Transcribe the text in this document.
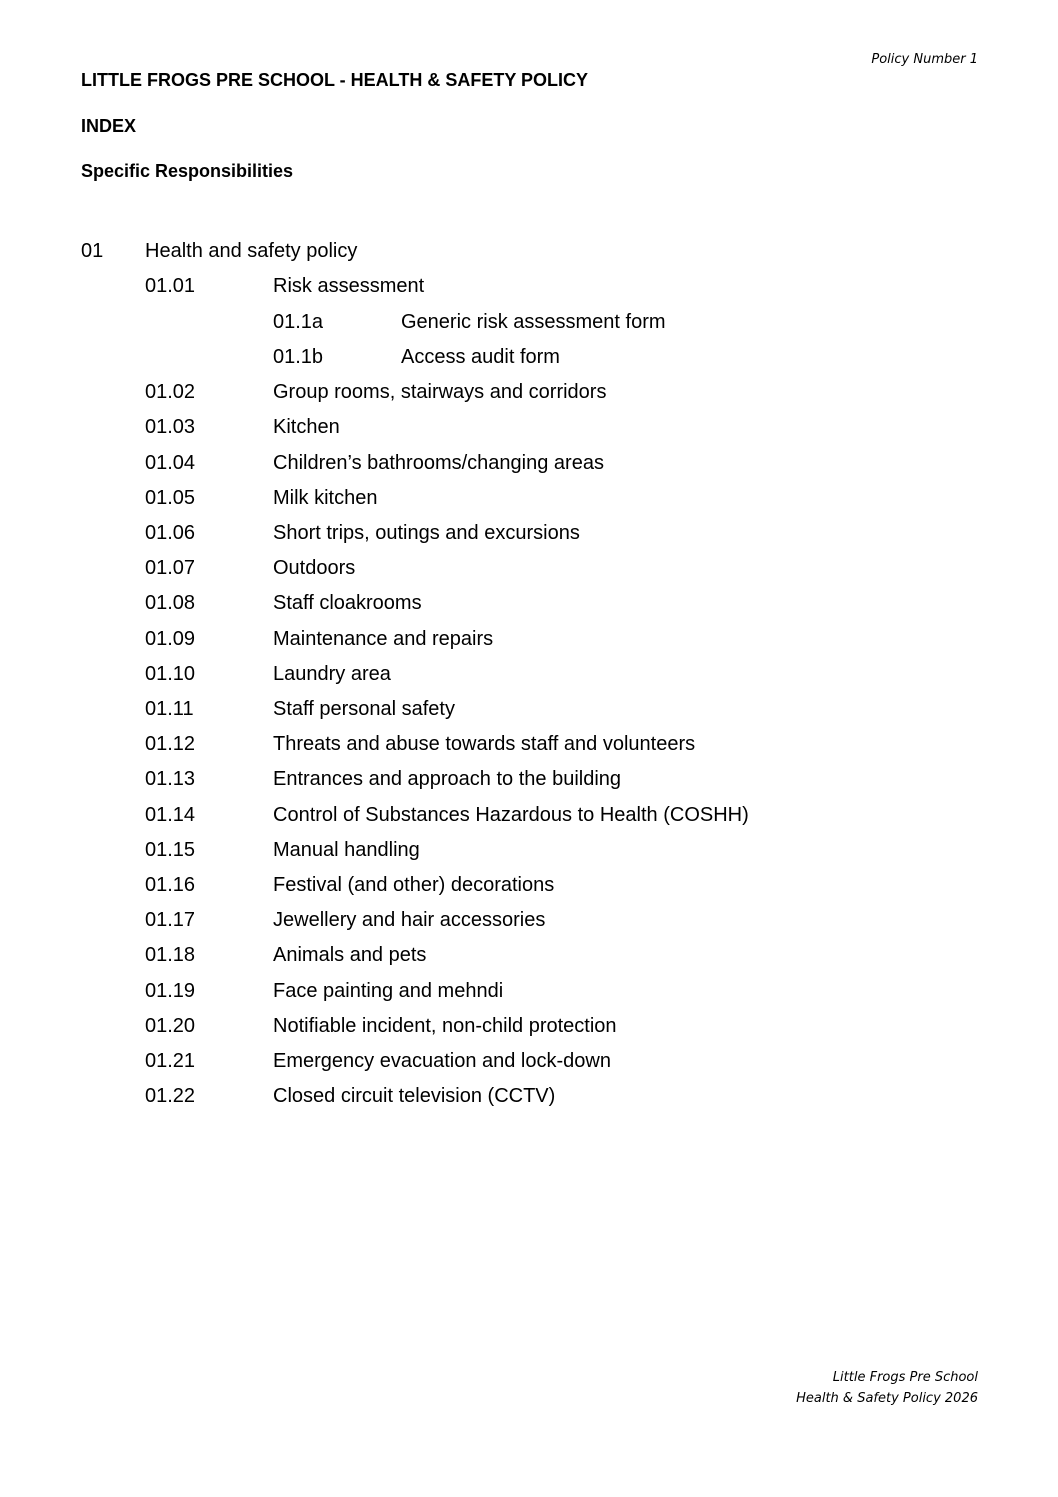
Policy Number 1
LITTLE FROGS PRE SCHOOL - HEALTH & SAFETY POLICY
INDEX
Specific Responsibilities
01 Health and safety policy
01.01	Risk assessment
01.1a	Generic risk assessment form
01.1b	Access audit form
01.02	Group rooms, stairways and corridors
01.03	Kitchen
01.04	Children’s bathrooms/changing areas
01.05	Milk kitchen
01.06	Short trips, outings and excursions
01.07	Outdoors
01.08	Staff cloakrooms
01.09	Maintenance and repairs
01.10	Laundry area
01.11	Staff personal safety
01.12	Threats and abuse towards staff and volunteers
01.13	Entrances and approach to the building
01.14	Control of Substances Hazardous to Health (COSHH)
01.15	Manual handling
01.16	Festival (and other) decorations
01.17	Jewellery and hair accessories
01.18	Animals and pets
01.19	Face painting and mehndi
01.20	Notifiable incident, non-child protection
01.21	Emergency evacuation and lock-down
01.22	Closed circuit television (CCTV)
Little Frogs Pre School
Health & Safety Policy 2026
